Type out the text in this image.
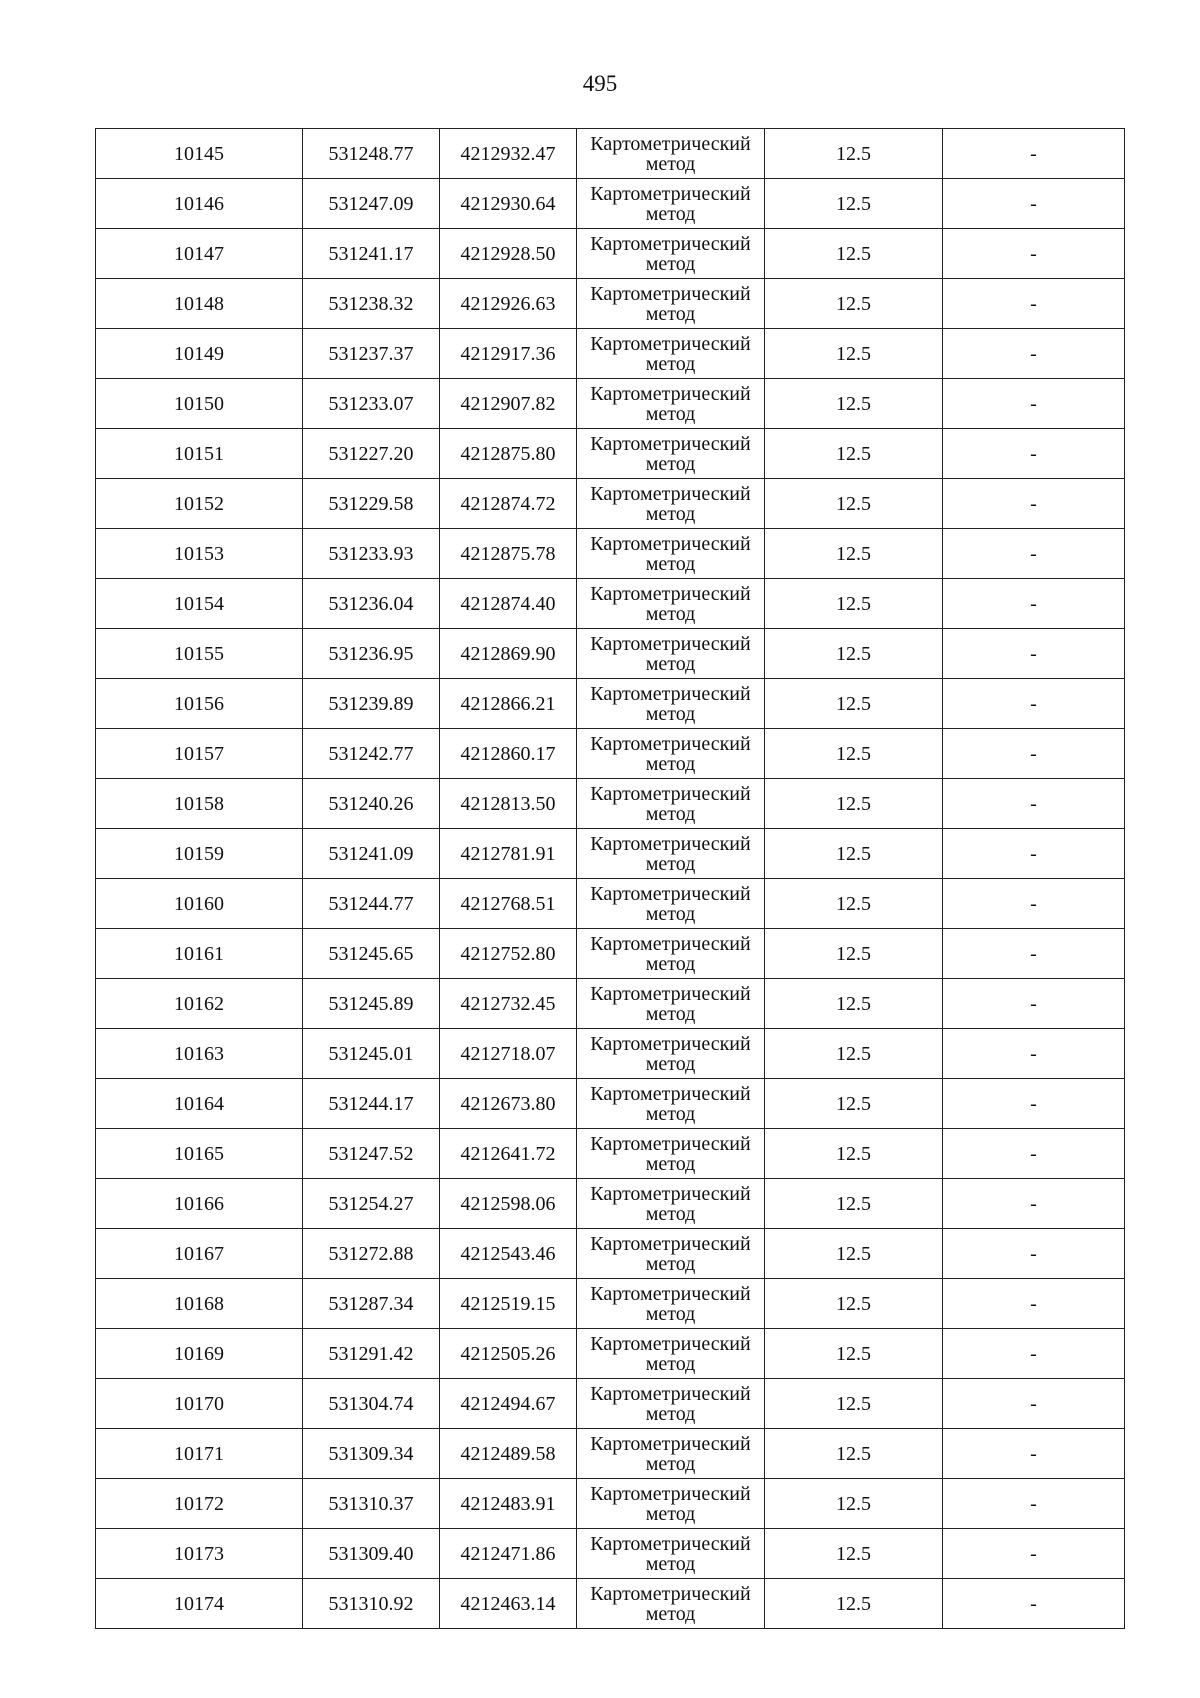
495
10145	531248.77	4212932.47	Картометрический
метод	12.5	-
10146	531247.09	4212930.64	Картометрический
метод	12.5	-
10147	531241.17	4212928.50	Картометрический
метод	12.5	-
10148	531238.32	4212926.63	Картометрический
метод	12.5	-
10149	531237.37	4212917.36	Картометрический
метод	12.5	-
10150	531233.07	4212907.82	Картометрический
метод	12.5	-
10151	531227.20	4212875.80	Картометрический
метод	12.5	-
10152	531229.58	4212874.72	Картометрический
метод	12.5	-
10153	531233.93	4212875.78	Картометрический
метод	12.5	-
10154	531236.04	4212874.40	Картометрический
метод	12.5	-
10155	531236.95	4212869.90	Картометрический
метод	12.5	-
10156	531239.89	4212866.21	Картометрический
метод	12.5	-
10157	531242.77	4212860.17	Картометрический
метод	12.5	-
10158	531240.26	4212813.50	Картометрический
метод	12.5	-
10159	531241.09	4212781.91	Картометрический
метод	12.5	-
10160	531244.77	4212768.51	Картометрический
метод	12.5	-
10161	531245.65	4212752.80	Картометрический
метод	12.5	-
10162	531245.89	4212732.45	Картометрический
метод	12.5	-
10163	531245.01	4212718.07	Картометрический
метод	12.5	-
10164	531244.17	4212673.80	Картометрический
метод	12.5	-
10165	531247.52	4212641.72	Картометрический
метод	12.5	-
10166	531254.27	4212598.06	Картометрический
метод	12.5	-
10167	531272.88	4212543.46	Картометрический
метод	12.5	-
10168	531287.34	4212519.15	Картометрический
метод	12.5	-
10169	531291.42	4212505.26	Картометрический
метод	12.5	-
10170	531304.74	4212494.67	Картометрический
метод	12.5	-
10171	531309.34	4212489.58	Картометрический
метод	12.5	-
10172	531310.37	4212483.91	Картометрический
метод	12.5	-
10173	531309.40	4212471.86	Картометрический
метод	12.5	-
10174	531310.92	4212463.14	Картометрический
метод	12.5	-
